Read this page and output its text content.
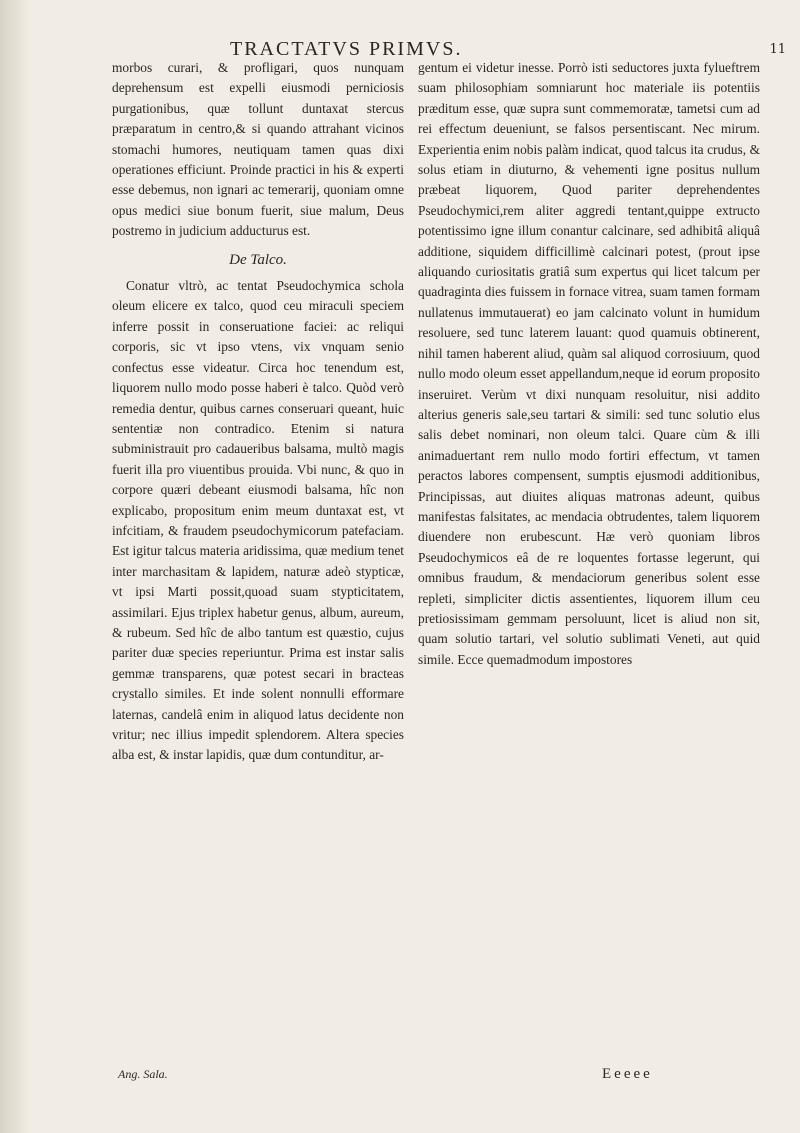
TRACTATVS PRIMVS.	11

morbos curari, & profligari, quos nunquam deprehensum est expelli eiusmodi perniciosis purgationibus, quæ tollunt duntaxat stercus præparatum in centro,& si quando attrahant vicinos stomachi humores, neutiquam tamen quas dixi operationes efficiunt. Proinde practici in his & experti esse debemus, non ignari ac temerarij, quoniam omne opus medici siue bonum fuerit, siue malum, Deus postremo in judicium adducturus est.

De Talco.

Conatur vltrò, ac tentat Pseudochymica schola oleum elicere ex talco, quod ceu miraculi speciem inferre possit in conseruatione faciei: ac reliqui corporis, sic vt ipso vtens, vix vnquam senio confectus esse videatur. Circa hoc tenendum est, liquorem nullo modo posse haberi è talco. Quòd verò remedia dentur, quibus carnes conseruari queant, huic sententiæ non contradico. Etenim si natura subministrauit pro cadaueribus balsama, multò magis fuerit illa pro viuentibus prouida. Vbi nunc, & quo in corpore quæri debeant eiusmodi balsama, hîc non explicabo, propositum enim meum duntaxat est, vt infcitiam, & fraudem pseudochymicorum patefaciam. Est igitur talcus materia aridissima, quæ medium tenet inter marchasitam & lapidem, naturæ adeò stypticæ, vt ipsi Marti possit,quoad suam stypticitatem, assimilari. Ejus triplex habetur genus, album, aureum, & rubeum. Sed hîc de albo tantum est quæstio, cujus pariter duæ species reperiuntur. Prima est instar salis gemmæ transparens, quæ potest secari in bracteas crystallo similes. Et inde solent nonnulli efformare laternas, candelâ enim in aliquod latus decidente non vritur; nec illius impedit splendorem. Altera species alba est, & instar lapidis, quæ dum contunditur, ar-

gentum ei videtur inesse. Porrò isti seductores juxta fylueftrem suam philosophiam somniarunt hoc materiale iis potentiis præditum esse, quæ supra sunt commemoratæ, tametsi cum ad rei effectum deueniunt, se falsos persentiscant. Nec mirum. Experientia enim nobis palàm indicat, quod talcus ita crudus, & solus etiam in diuturno, & vehementi igne positus nullum præbeat liquorem, Quod pariter deprehendentes Pseudochymici,rem aliter aggredi tentant,quippe extructo potentissimo igne illum conantur calcinare, sed adhibitâ aliquâ additione, siquidem difficillimè calcinari potest, (prout ipse aliquando curiositatis gratiâ sum expertus qui licet talcum per quadraginta dies fuissem in fornace vitrea, suam tamen formam nullatenus immutauerat) eo jam calcinato volunt in humidum resoluere, sed tunc laterem lauant: quod quamuis obtinerent, nihil tamen haberent aliud, quàm sal aliquod corrosiuum, quod nullo modo oleum esset appellandum,neque id eorum proposito inseruiret. Verùm vt dixi nunquam resoluitur, nisi addito alterius generis sale,seu tartari & simili: sed tunc solutio elus salis debet nominari, non oleum talci. Quare cùm & illi animaduertant rem nullo modo fortiri effectum, vt tamen peractos labores compensent, sumptis ejusmodi additionibus, Principissas, aut diuites aliquas matronas adeunt, quibus manifestas falsitates, ac mendacia obtrudentes, talem liquorem diuendere non erubescunt. Hæ verò quoniam libros Pseudochymicos eâ de re loquentes fortasse legerunt, qui omnibus fraudum, & mendaciorum generibus solent esse repleti, simpliciter dictis assentientes, liquorem illum ceu pretiosissimam gemmam persoluunt, licet is aliud non sit, quam solutio tartari, vel solutio sublimati Veneti, aut quid simile. Ecce quemadmodum impostores

Ang. Sala.	Eeeee
